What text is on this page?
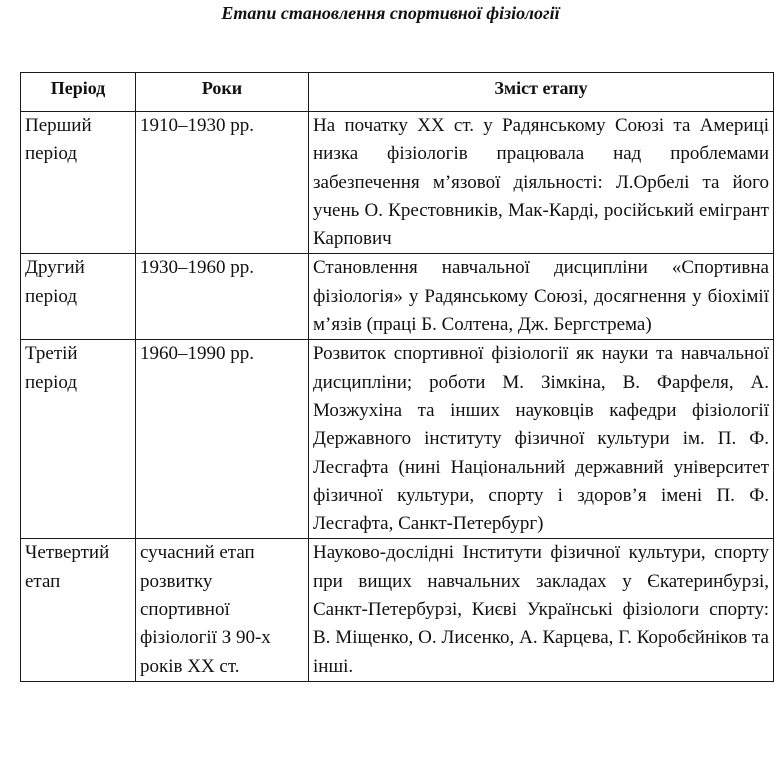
Етапи становлення спортивної фізіології
Період	Роки	Зміст етапу
Перший період	1910–1930 рр.	На початку ХХ ст. у Радянському Союзі та Америці низка фізіологів працювала над проблемами забезпечення м’язової діяльності: Л.Орбелі та його учень О. Крестовників, Мак-Карді, російський емігрант Карпович
Другий період	1930–1960 рр.	Становлення навчальної дисципліни «Спортивна фізіологія» у Радянському Союзі, досягнення у біохімії м’язів (праці Б. Солтена, Дж. Бергстрема)
Третій період	1960–1990 рр.	Розвиток спортивної фізіології як науки та навчальної дисципліни; роботи М. Зімкіна, В. Фарфеля, А. Мозжухіна та інших науковців кафедри фізіології Державного інституту фізичної культури ім. П. Ф. Лесгафта (нині Національний державний університет фізичної культури, спорту і здоров’я імені П. Ф. Лесгафта, Санкт-Петербург)
Четвертий етап	сучасний етап розвитку спортивної фізіології З 90-х років ХХ ст.	Науково-дослідні Інститути фізичної культури, спорту при вищих навчальних закладах у Єкатеринбурзі, Санкт-Петербурзі, Києві Українські фізіологи спорту: В. Міщенко, О. Лисенко, А. Карцева, Г. Коробєйніков та інші.
